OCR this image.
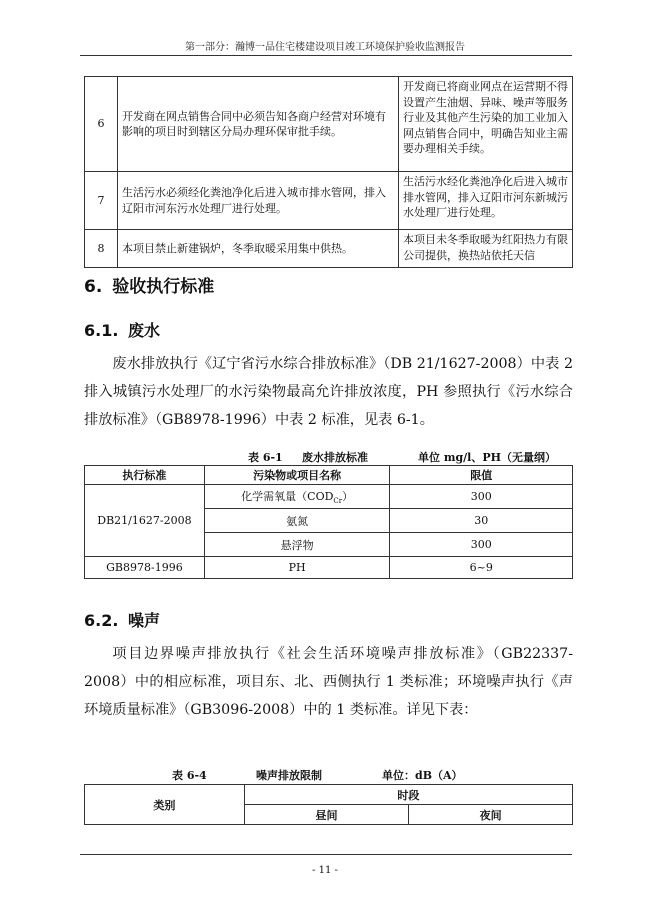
第一部分：瀚博一品住宅楼建设项目竣工环境保护验收监测报告
6	开发商在网点销售合同中必须告知各商户经营对环境有影响的项目时到辖区分局办理环保审批手续。	开发商已将商业网点在运营期不得设置产生油烟、异味、噪声等服务行业及其他产生污染的加工业加入网点销售合同中，明确告知业主需要办理相关手续。
7	生活污水必须经化粪池净化后进入城市排水管网，排入辽阳市河东污水处理厂进行处理。	生活污水经化粪池净化后进入城市排水管网，排入辽阳市河东新城污水处理厂进行处理。
8	本项目禁止新建锅炉，冬季取暖采用集中供热。	本项目未冬季取暖为红阳热力有限公司提供，换热站依托天信
6. 验收执行标准
6.1. 废水

废水排放执行《辽宁省污水综合排放标准》（DB 21/1627-2008）中表 2 排入城镇污水处理厂的水污染物最高允许排放浓度，PH 参照执行《污水综合排放标准》（GB8978-1996）中表 2 标准，见表 6-1。

表 6-1 废水排放标准	单位 mg/l、PH（无量纲）
执行标准	污染物或项目名称	限值
DB21/1627-2008	化学需氧量$(COD_{Cr})$	300
	氨氮	30
	悬浮物	300
GB8978-1996	PH	6~9
6.2. 噪声

项目边界噪声排放执行《社会生活环境噪声排放标准》（GB22337-2008）中的相应标准，项目东、北、西侧执行 1 类标准；环境噪声执行《声环境质量标准》（GB3096-2008）中的 1 类标准。详见下表：

表 6-4	噪声排放限制	单位：dB（A）
类别	时段	
	昼间	夜间
- 11 -
